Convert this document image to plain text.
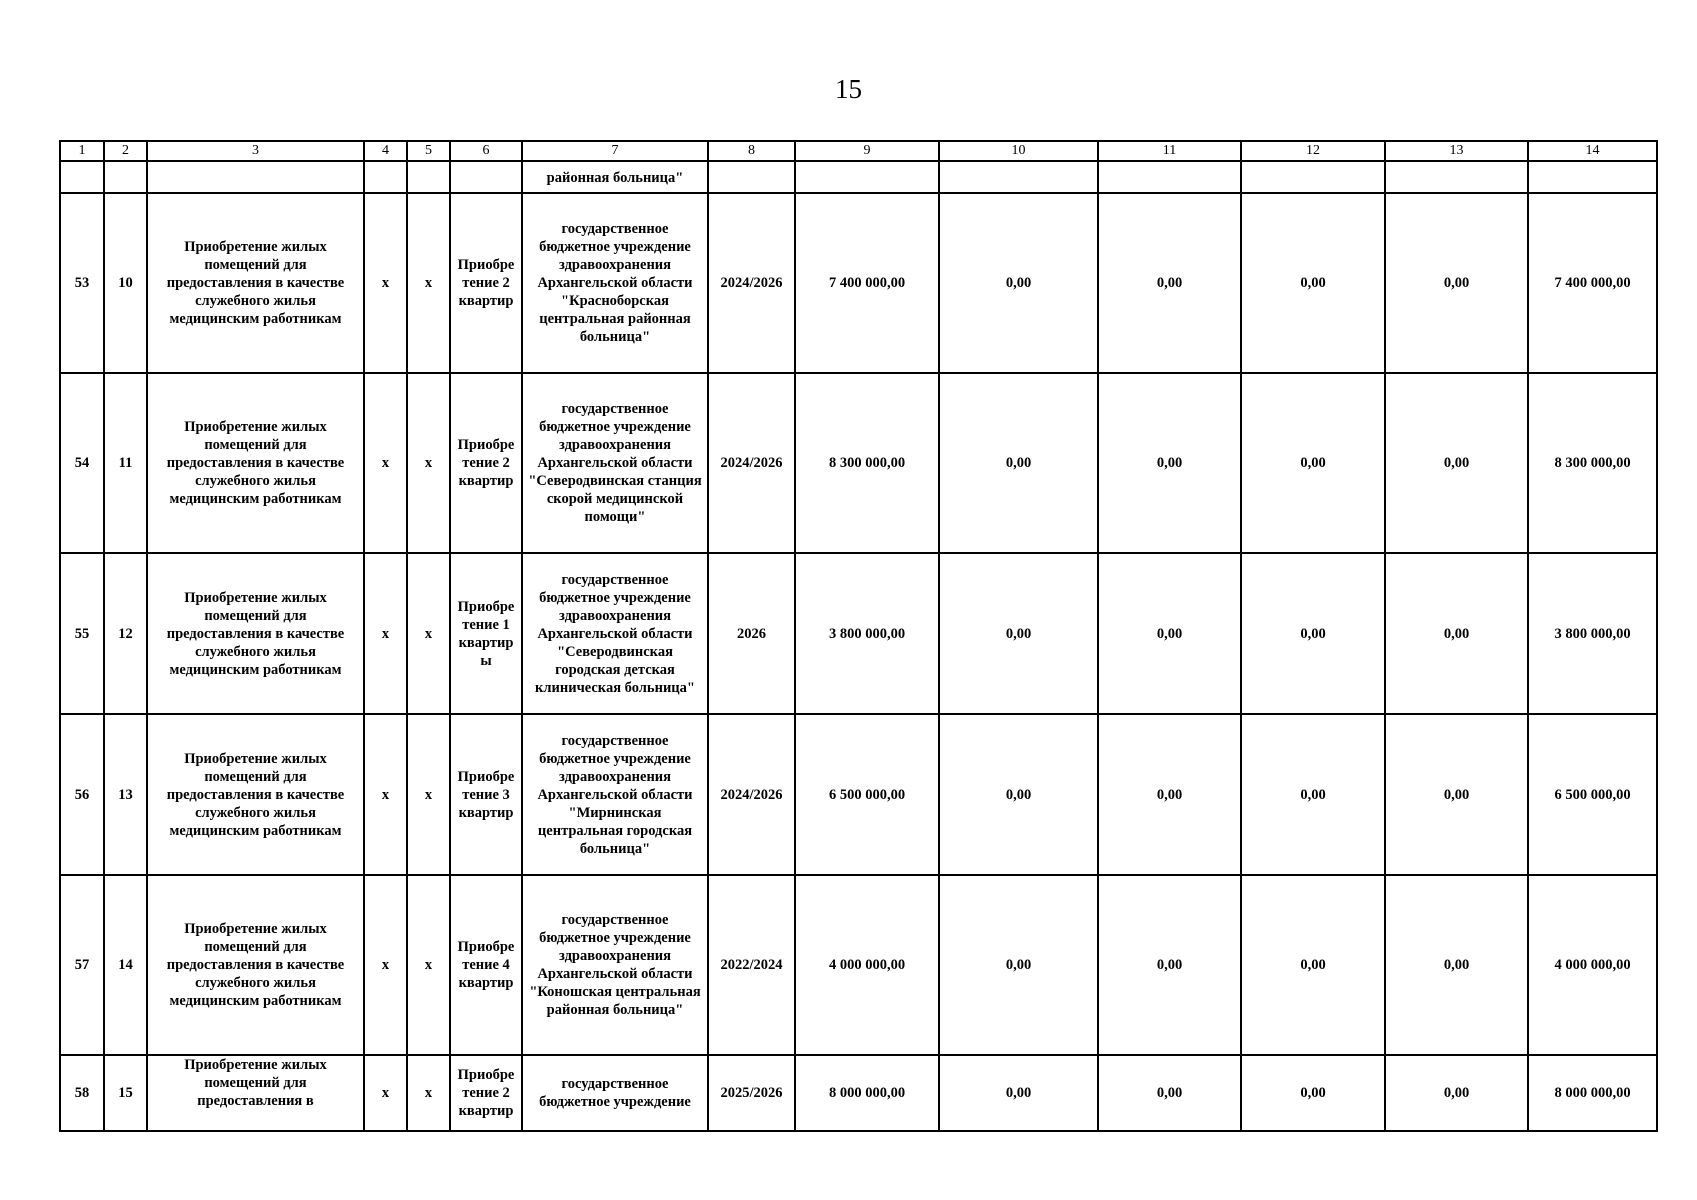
15
1	2	3	4	5	6	7	8	9	10	11	12	13	14
						районная больница"							
53	10	Приобретение жилых помещений для предоставления в качестве служебного жилья медицинским работникам	x	x	Приобре тение 2 квартир	государственное бюджетное учреждение здравоохранения Архангельской области "Красноборская центральная районная больница"	2024/2026	7 400 000,00	0,00	0,00	0,00	0,00	7 400 000,00
54	11	Приобретение жилых помещений для предоставления в качестве служебного жилья медицинским работникам	x	x	Приобре тение 2 квартир	государственное бюджетное учреждение здравоохранения Архангельской области "Северодвинская станция скорой медицинской помощи"	2024/2026	8 300 000,00	0,00	0,00	0,00	0,00	8 300 000,00
55	12	Приобретение жилых помещений для предоставления в качестве служебного жилья медицинским работникам	x	x	Приобре тение 1 квартир ы	государственное бюджетное учреждение здравоохранения Архангельской области "Северодвинская городская детская клиническая больница"	2026	3 800 000,00	0,00	0,00	0,00	0,00	3 800 000,00
56	13	Приобретение жилых помещений для предоставления в качестве служебного жилья медицинским работникам	x	x	Приобре тение 3 квартир	государственное бюджетное учреждение здравоохранения Архангельской области "Мирнинская центральная городская больница"	2024/2026	6 500 000,00	0,00	0,00	0,00	0,00	6 500 000,00
57	14	Приобретение жилых помещений для предоставления в качестве служебного жилья медицинским работникам	x	x	Приобре тение 4 квартир	государственное бюджетное учреждение здравоохранения Архангельской области "Коношская центральная районная больница"	2022/2024	4 000 000,00	0,00	0,00	0,00	0,00	4 000 000,00
58	15	Приобретение жилых помещений для предоставления в	x	x	Приобре тение 2 квартир	государственное бюджетное учреждение	2025/2026	8 000 000,00	0,00	0,00	0,00	0,00	8 000 000,00
